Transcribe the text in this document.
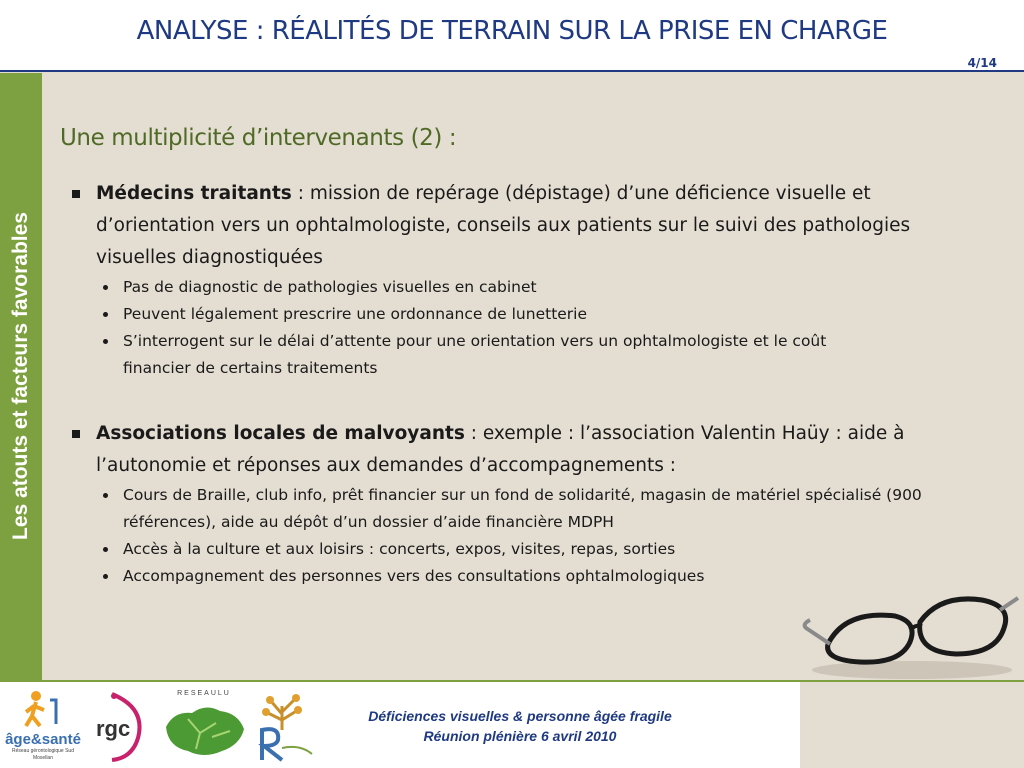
ANALYSE : RÉALITÉS DE TERRAIN SUR LA PRISE EN CHARGE
4/14
Les atouts et facteurs favorables
Une multiplicité d’intervenants (2) :
Médecins traitants : mission de repérage (dépistage) d’une déficience visuelle et d’orientation vers un ophtalmologiste, conseils aux patients sur le suivi des pathologies visuelles diagnostiquées
Pas de diagnostic de pathologies visuelles en cabinet
Peuvent légalement prescrire une ordonnance de lunetterie
S’interrogent sur le délai d’attente pour une orientation vers un ophtalmologiste et le coût financier de certains traitements
Associations locales de malvoyants : exemple : l’association Valentin Haüy : aide à l’autonomie et réponses aux demandes d’accompagnements :
Cours de Braille, club info, prêt financier sur un fond de solidarité, magasin de matériel spécialisé (900 références), aide au dépôt d’un dossier d’aide financière MDPH
Accès à la culture et aux loisirs : concerts, expos, visites, repas, sorties
Accompagnement des personnes vers des consultations ophtalmologiques
âge&santé
Réseau gérontologique Sud Mosellan
rgc
RESEAULU
Déficiences visuelles & personne âgée fragile
Réunion plénière 6 avril 2010
